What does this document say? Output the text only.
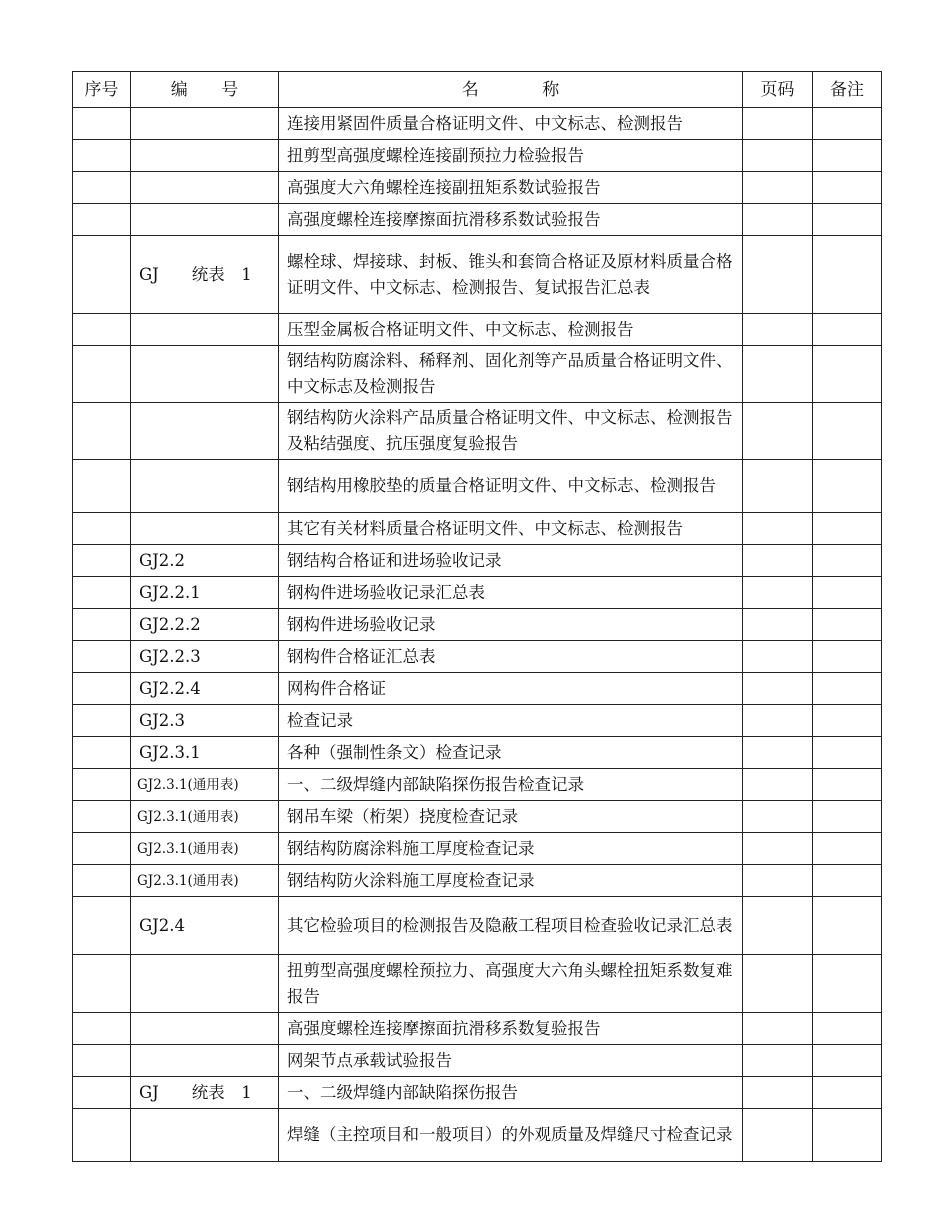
序号	编 号	名 称	页码	备注
		连接用紧固件质量合格证明文件、中文标志、检测报告		
		扭剪型高强度螺栓连接副预拉力检验报告		
		高强度大六角螺栓连接副扭矩系数试验报告		
		高强度螺栓连接摩擦面抗滑移系数试验报告		
	GJ　　统表　1	螺栓球、焊接球、封板、锥头和套筒合格证及原材料质量合格证明文件、中文标志、检测报告、复试报告汇总表		
		压型金属板合格证明文件、中文标志、检测报告		
		钢结构防腐涂料、稀释剂、固化剂等产品质量合格证明文件、中文标志及检测报告		
		钢结构防火涂料产品质量合格证明文件、中文标志、检测报告及粘结强度、抗压强度复验报告		
		钢结构用橡胶垫的质量合格证明文件、中文标志、检测报告		
		其它有关材料质量合格证明文件、中文标志、检测报告		
	GJ2.2	钢结构合格证和进场验收记录		
	GJ2.2.1	钢构件进场验收记录汇总表		
	GJ2.2.2	钢构件进场验收记录		
	GJ2.2.3	钢构件合格证汇总表		
	GJ2.2.4	网构件合格证		
	GJ2.3	检查记录		
	GJ2.3.1	各种（强制性条文）检查记录		
	GJ2.3.1(通用表)	一、二级焊缝内部缺陷探伤报告检查记录		
	GJ2.3.1(通用表)	钢吊车梁（桁架）挠度检查记录		
	GJ2.3.1(通用表)	钢结构防腐涂料施工厚度检查记录		
	GJ2.3.1(通用表)	钢结构防火涂料施工厚度检查记录		
	GJ2.4	其它检验项目的检测报告及隐蔽工程项目检查验收记录汇总表		
		扭剪型高强度螺栓预拉力、高强度大六角头螺栓扭矩系数复难报告		
		高强度螺栓连接摩擦面抗滑移系数复验报告		
		网架节点承载试验报告		
	GJ　　统表　1	一、二级焊缝内部缺陷探伤报告		
		焊缝（主控项目和一般项目）的外观质量及焊缝尺寸检查记录		
